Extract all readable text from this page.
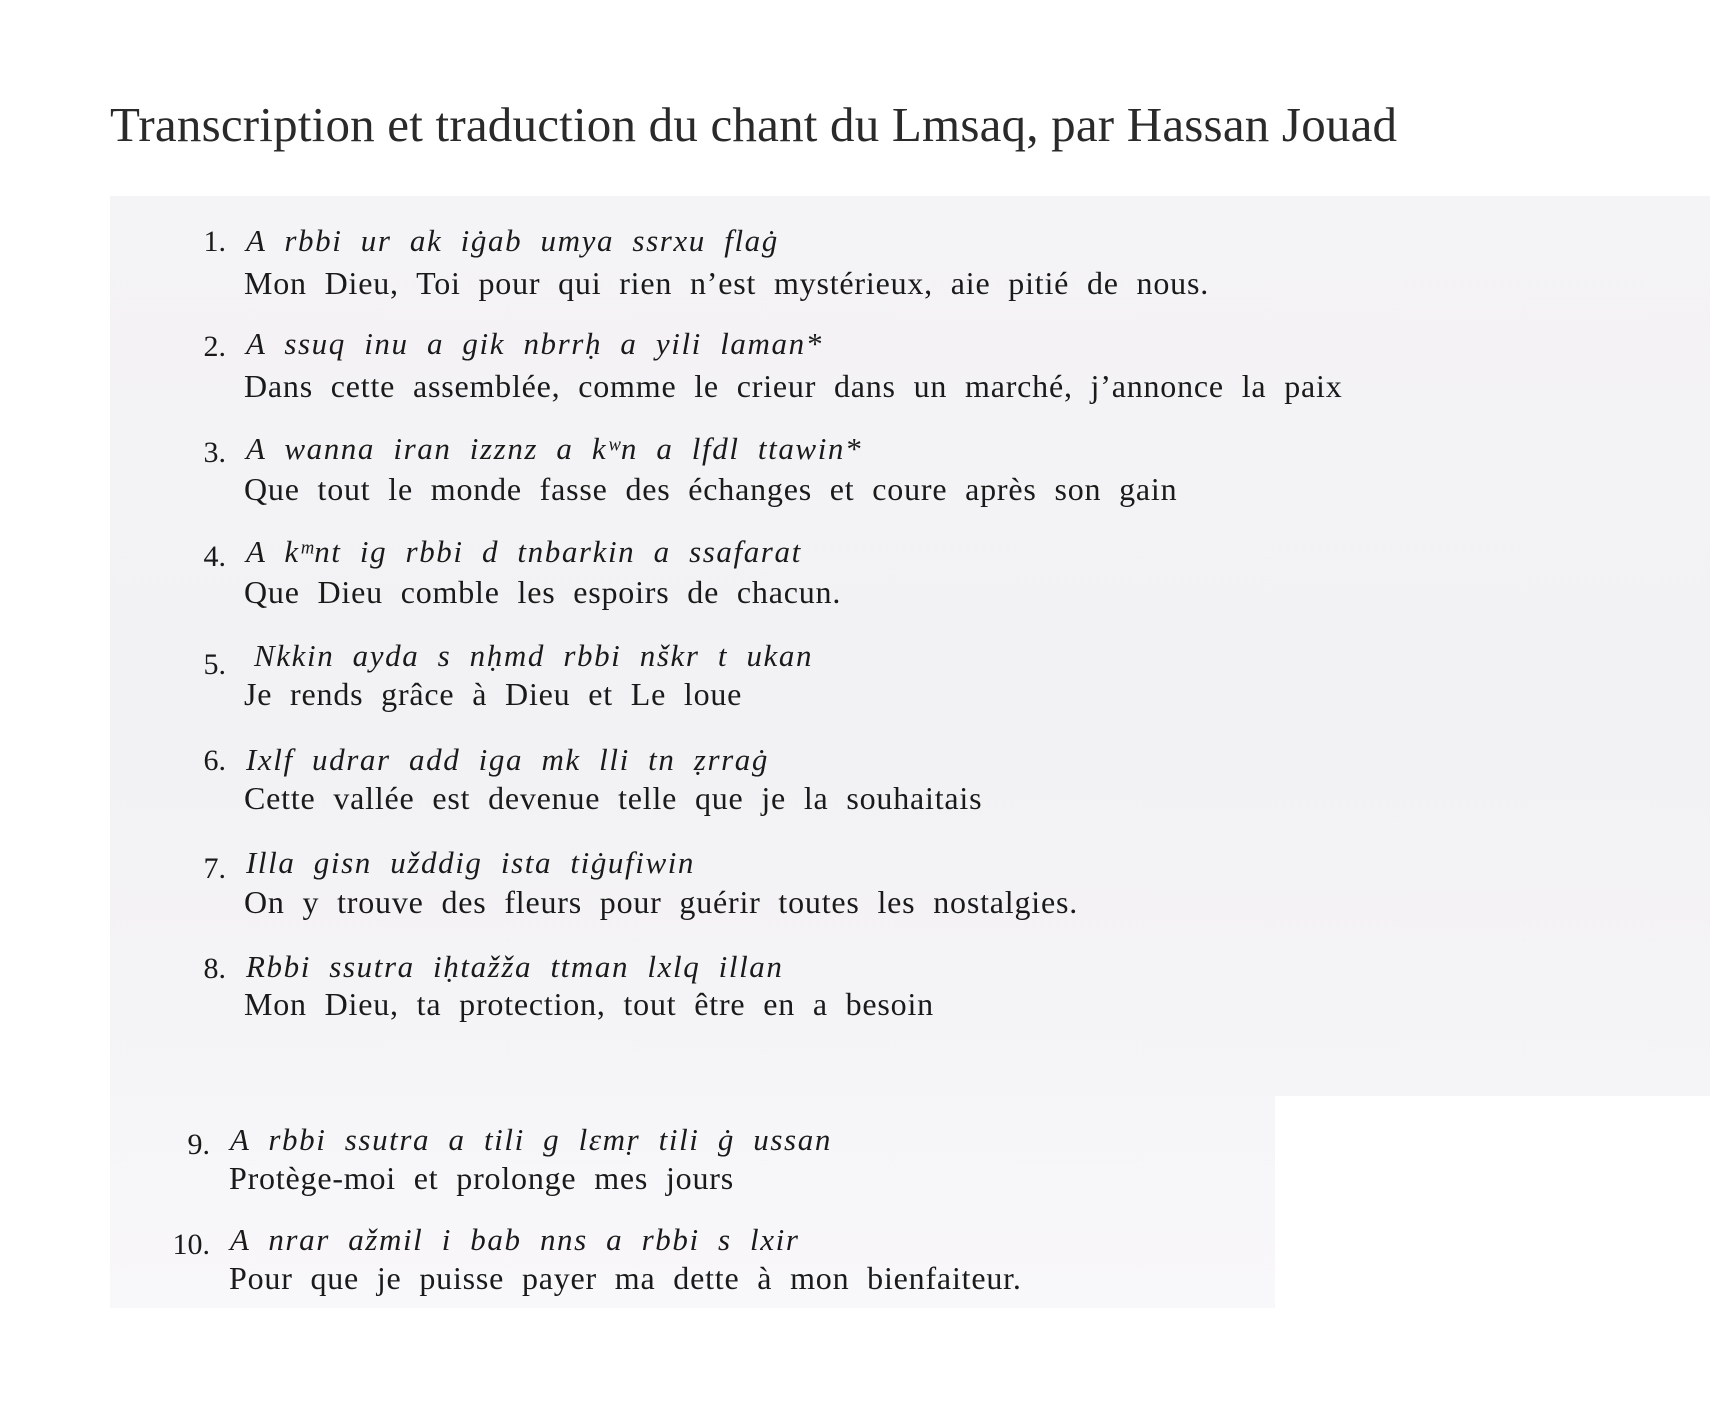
Transcription et traduction du chant du Lmsaq, par Hassan Jouad
1. A rbbi ur ak iġab umya ssrxu flaġ
Mon Dieu, Toi pour qui rien n’est mystérieux, aie pitié de nous.
2. A ssuq inu a gik nbrrḥ a yili laman*
Dans cette assemblée, comme le crieur dans un marché, j’annonce la paix
3. A wanna iran izznz a kʷn a lfdl ttawin*
Que tout le monde fasse des échanges et coure après son gain
4. A kᵐnt ig rbbi d tnbarkin a ssafarat
Que Dieu comble les espoirs de chacun.
5. Nkkin ayda s nḥmd rbbi nškr t ukan
Je rends grâce à Dieu et Le loue
6. Ixlf udrar add iga mk lli tn ẓrraġ
Cette vallée est devenue telle que je la souhaitais
7. Illa gisn užddig ista tiġufiwin
On y trouve des fleurs pour guérir toutes les nostalgies.
8. Rbbi ssutra iḥtažža ttman lxlq illan
Mon Dieu, ta protection, tout être en a besoin
9. A rbbi ssutra a tili g lɛmṛ tili ġ ussan
Protège-moi et prolonge mes jours
10. A nrar ažmil i bab nns a rbbi s lxir
Pour que je puisse payer ma dette à mon bienfaiteur.
